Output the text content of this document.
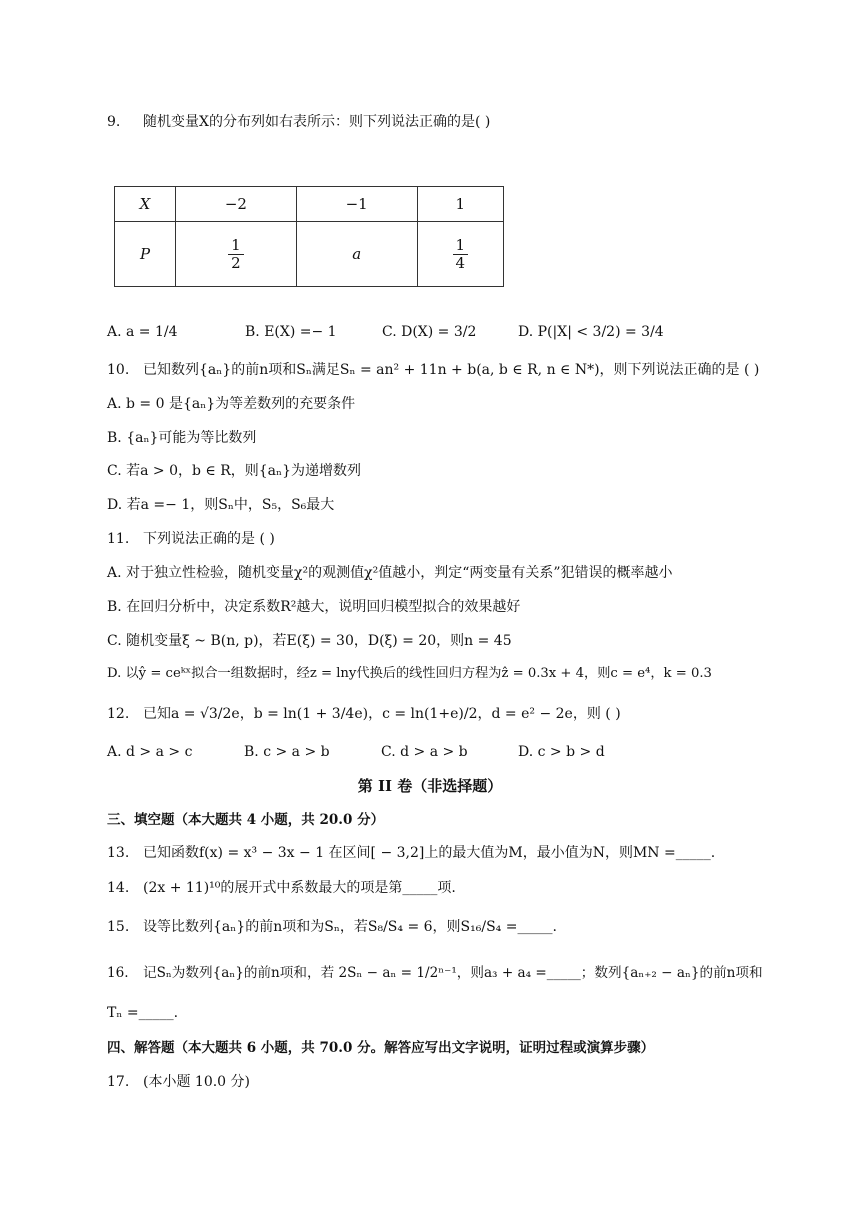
9. 随机变量X的分布列如右表所示：则下列说法正确的是( )
X	−2	−1	1
P	$\frac{1}{2}$	a	$\frac{1}{4}$
A. a = 1/4	B. E(X) =− 1	C. D(X) = 3/2	D. P(|X| < 3/2) = 3/4
10. 已知数列{aₙ}的前n项和Sₙ满足Sₙ = an² + 11n + b(a, b ∈ R, n ∈ N*)，则下列说法正确的是 ( )
A. b = 0 是{aₙ}为等差数列的充要条件
B. {aₙ}可能为等比数列
C. 若a > 0，b ∈ R，则{aₙ}为递增数列
D. 若a =− 1，则Sₙ中，S₅，S₆最大
11. 下列说法正确的是 ( )
A. 对于独立性检验，随机变量χ²的观测值χ²值越小，判定“两变量有关系”犯错误的概率越小
B. 在回归分析中，决定系数R²越大，说明回归模型拟合的效果越好
C. 随机变量ξ ~ B(n, p)，若E(ξ) = 30，D(ξ) = 20，则n = 45
D. 以ŷ = ceᵏˣ拟合一组数据时，经z = lny代换后的线性回归方程为ẑ = 0.3x + 4，则c = e⁴，k = 0.3
12. 已知a = √3/2e，b = ln(1 + 3/4e)，c = ln(1+e)/2，d = e² − 2e，则 ( )
A. d > a > c	B. c > a > b	C. d > a > b	D. c > b > d
第 II 卷（非选择题）
三、填空题（本大题共 4 小题，共 20.0 分）
13. 已知函数f(x) = x³ − 3x − 1 在区间[ − 3,2]上的最大值为M，最小值为N，则MN =_____.
14. (2x + 11)¹⁰的展开式中系数最大的项是第_____项.
15. 设等比数列{aₙ}的前n项和为Sₙ，若S₈/S₄ = 6，则S₁₆/S₄ =_____.
16. 记Sₙ为数列{aₙ}的前n项和，若 2Sₙ − aₙ = 1/2ⁿ⁻¹，则a₃ + a₄ =_____；数列{aₙ₊₂ − aₙ}的前n项和
Tₙ =_____.
四、解答题（本大题共 6 小题，共 70.0 分。解答应写出文字说明，证明过程或演算步骤）
17. (本小题 10.0 分)
